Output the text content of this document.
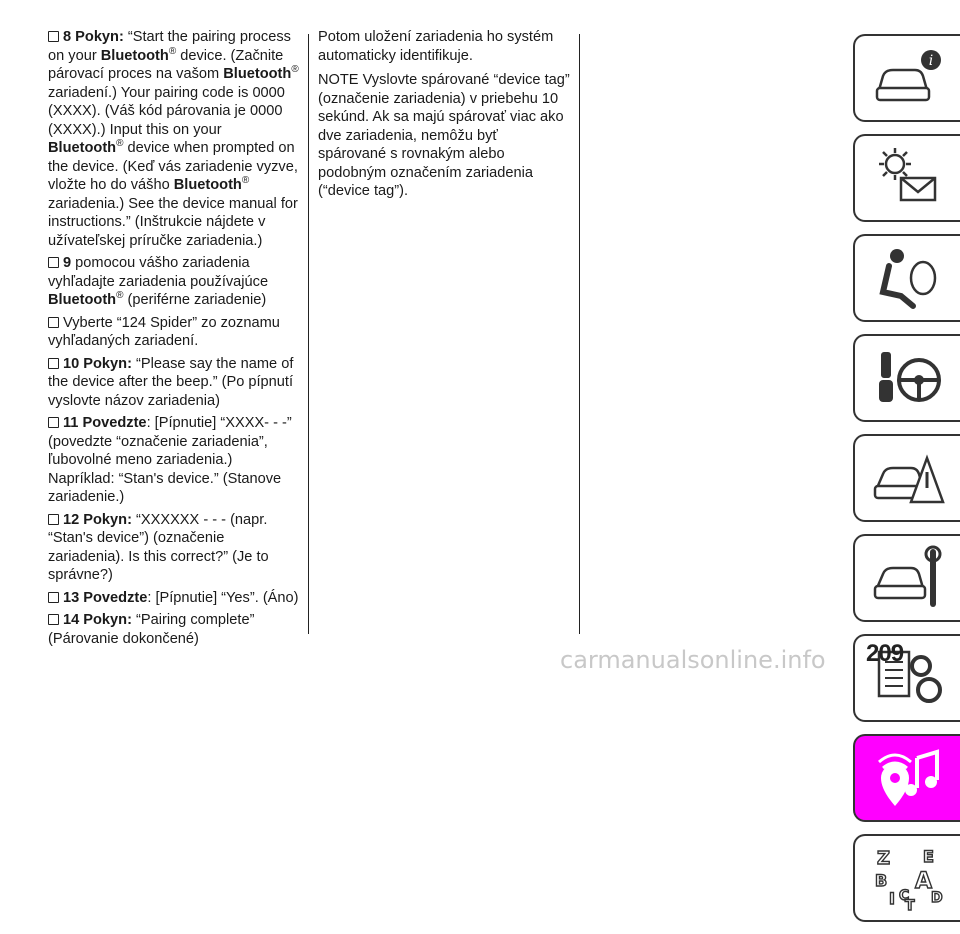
8 Pokyn: “Start the pairing process on your Bluetooth® device. (Začnite párovací proces na vašom Bluetooth® zariadení.) Your pairing code is 0000 (XXXX). (Váš kód párovania je 0000 (XXXX).) Input this on your Bluetooth® device when prompted on the device. (Keď vás zariadenie vyzve, vložte ho do vášho Bluetooth® zariadenia.) See the device manual for instructions.” (Inštrukcie nájdete v užívateľskej príručke zariadenia.)
9 pomocou vášho zariadenia vyhľadajte zariadenia používajúce Bluetooth® (periférne zariadenie)
Vyberte “124 Spider” zo zoznamu vyhľadaných zariadení.
10 Pokyn: “Please say the name of the device after the beep.” (Po pípnutí vyslovte názov zariadenia)
11 Povedzte: [Pípnutie] “XXXX- - -” (povedzte “označenie zariadenia”, ľubovolné meno zariadenia.) Napríklad: “Stan's device.” (Stanove zariadenie.)
12 Pokyn: “XXXXXX - - - (napr. “Stan's device”) (označenie zariadenia). Is this correct?” (Je to správne?)
13 Povedzte: [Pípnutie] “Yes”. (Áno)
14 Pokyn: “Pairing complete” (Párovanie dokončené)

Potom uložení zariadenia ho systém automaticky identifikuje.

NOTE Vyslovte spárované “device tag” (označenie zariadenia) v priebehu 10 sekúnd. Ak sa majú spárovať viac ako dve zariadenia, nemôžu byť spárované s rovnakým alebo podobným označením zariadenia (“device tag”).

i
Z E
B A
D
I C
T
209
carmanualsonline.info
